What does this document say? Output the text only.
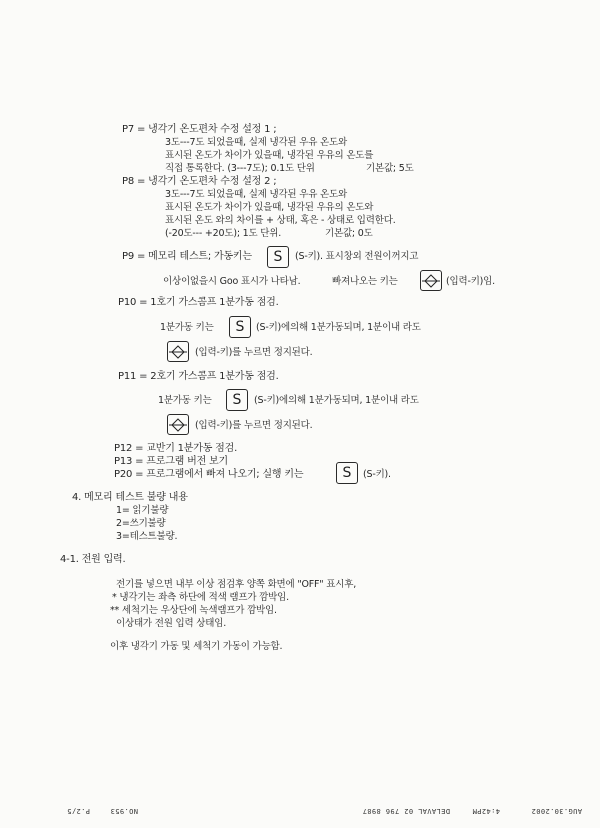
P7 = 냉각기 온도편차 수정 설정 1 ;
3도---7도 되었을때, 실제 냉각된 우유 온도와
표시된 온도가 차이가 있을때, 냉각된 우유의 온도를
직접 통록한다. (3---7도); 0.1도 단위	기본값; 5도
P8 = 냉각기 온도편차 수정 설정 2 ;
3도---7도 되었을때, 실제 냉각된 우유 온도와
표시된 온도가 차이가 있을때, 냉각된 우유의 온도와
표시된 온도 와의 차이를 + 상태, 혹은 - 상태로 입력한다.
(-20도--- +20도); 1도 단위.	기본값; 0도
P9 = 메모리 테스트; 가동키는 S (S-키). 표시창외 전원이꺼지고
이상이없을시 Goo 표시가 나타남.	빠져나오는 키는	(입력-키)임.
P10 = 1호기 가스콤프 1분가동 점검.
1분가동 키는 S (S-키)에의해 1분가동되며, 1분이내 라도
(입력-키)를 누르면 정지된다.
P11 = 2호기 가스콤프 1분가동 점검.
1분가동 키는 S (S-키)에의해 1분가동되며, 1분이내 라도
(입력-키)를 누르면 정지된다.
P12 = 교반기 1분가동 점검.
P13 = 프로그램 버전 보기
P20 = 프로그램에서 빠져 나오기; 실행 키는	S (S-키).
4. 메모리 테스트 불량 내용
1= 읽기불량
2=쓰기불량
3=테스트불량.
4-1. 전원 입력.
전기를 넣으면 내부 이상 점검후 양쪽 화면에 "OFF" 표시후,
* 냉각기는 좌측 하단에 적색 램프가 깜박임.
** 세척기는 우상단에 녹색램프가 깜박임.
이상태가 전원 입력 상태임.
이후 냉각기 가동 및 세척기 가동이 가능함.
AUG.30.2002
4:42PM
DELAVAL 02 796 8987
NO.953
P.2/5
